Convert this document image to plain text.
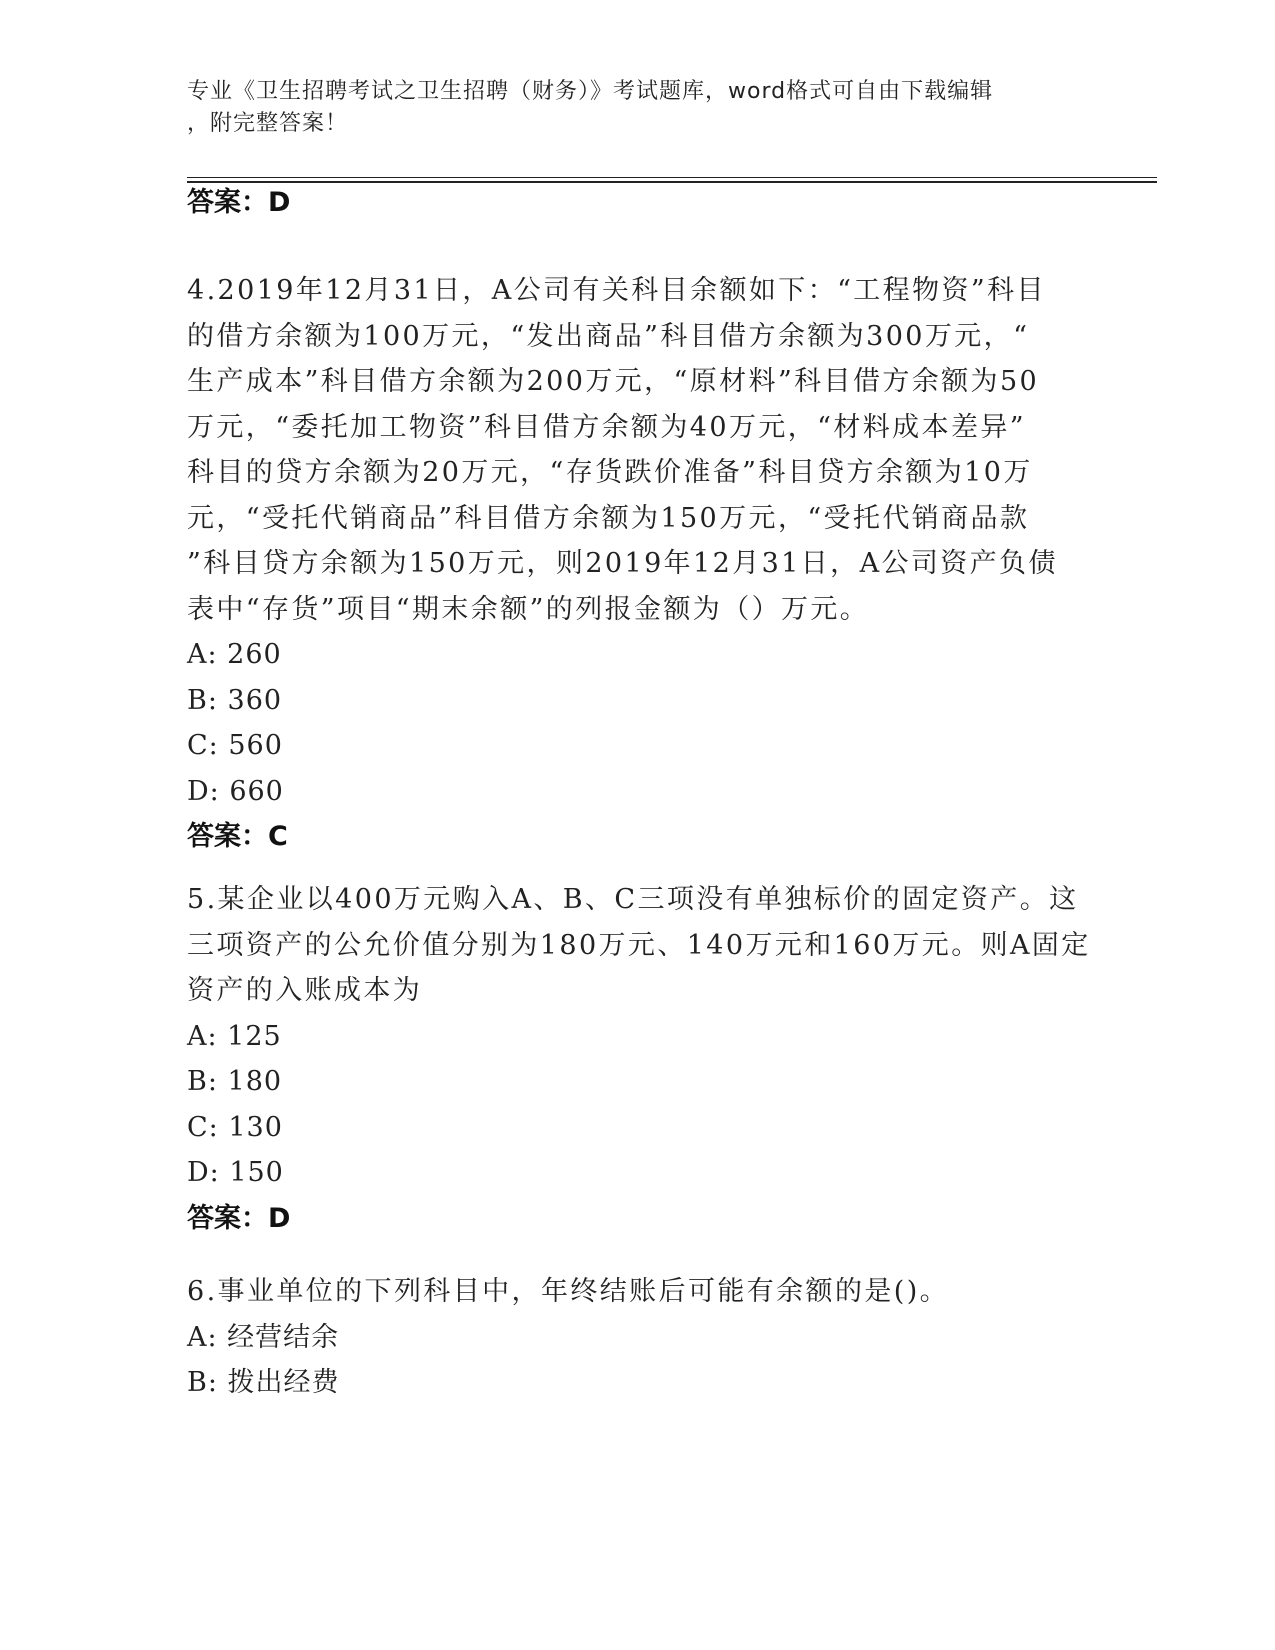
专业《卫生招聘考试之卫生招聘（财务）》考试题库，word格式可自由下载编辑
，附完整答案！
答案：D
4.2019年12月31日，A公司有关科目余额如下：“工程物资”科目
的借方余额为100万元，“发出商品”科目借方余额为300万元，“
生产成本”科目借方余额为200万元，“原材料”科目借方余额为50
万元，“委托加工物资”科目借方余额为40万元，“材料成本差异”
科目的贷方余额为20万元，“存货跌价准备”科目贷方余额为10万
元，“受托代销商品”科目借方余额为150万元，“受托代销商品款
”科目贷方余额为150万元，则2019年12月31日，A公司资产负债
表中“存货”项目“期末余额”的列报金额为（）万元。
A: 260
B: 360
C: 560
D: 660
答案：C
5.某企业以400万元购入A、B、C三项没有单独标价的固定资产。这
三项资产的公允价值分别为180万元、140万元和160万元。则A固定
资产的入账成本为
A: 125
B: 180
C: 130
D: 150
答案：D
6.事业单位的下列科目中，年终结账后可能有余额的是()。
A: 经营结余
B: 拨出经费
